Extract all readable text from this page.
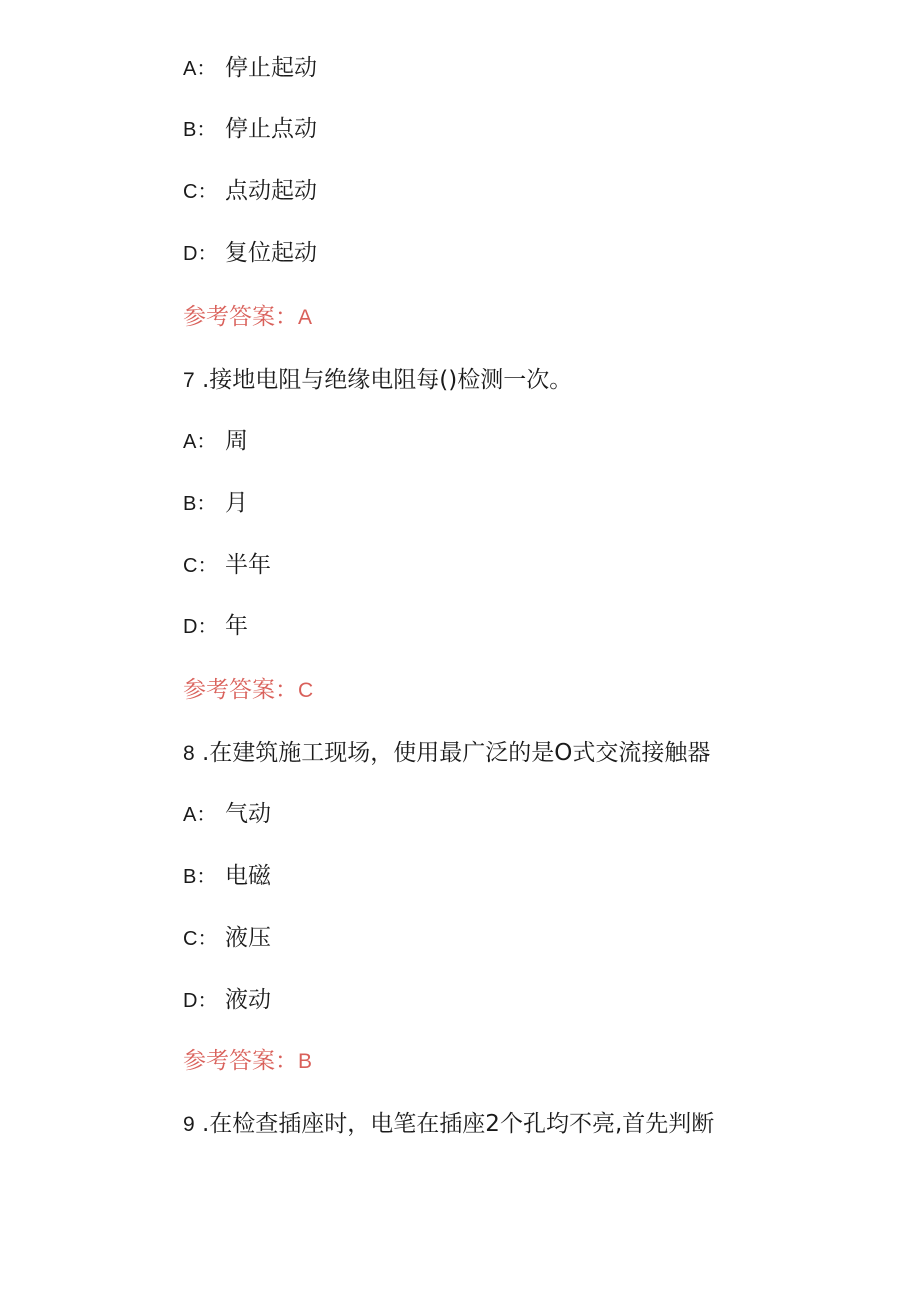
A： 停止起动
B： 停止点动
C： 点动起动
D： 复位起动
参考答案：A
7 .接地电阻与绝缘电阻每()检测一次。
A： 周
B： 月
C： 半年
D： 年
参考答案：C
8 .在建筑施工现场，使用最广泛的是O式交流接触器
A： 气动
B： 电磁
C： 液压
D： 液动
参考答案：B
9 .在检查插座时，电笔在插座2个孔均不亮,首先判断
